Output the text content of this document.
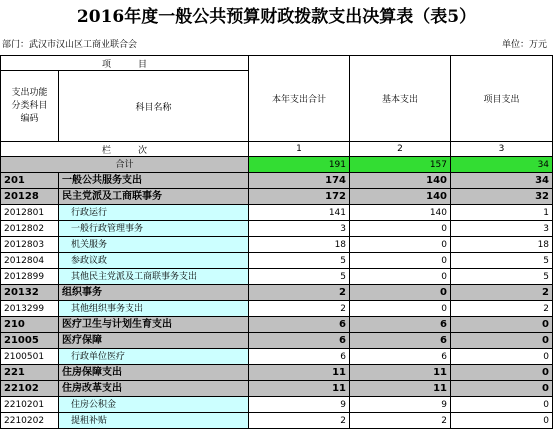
2016年度一般公共预算财政拨款支出决算表（表5）
部门：武汉市汉山区工商业联合会	单位：万元
项　　　目		本年支出合计	基本支出	项目支出

支出功能
分类科目
编码	科目名称			
栏　　　次		1	2	3
合计		191	157	34
201	一般公共服务支出	174	140	34
20128	民主党派及工商联事务	172	140	32
2012801	行政运行	141	140	1
2012802	一般行政管理事务	3	0	3
2012803	机关服务	18	0	18
2012804	参政议政	5	0	5
2012899	其他民主党派及工商联事务支出	5	0	5
20132	组织事务	2	0	2
2013299	其他组织事务支出	2	0	2
210	医疗卫生与计划生育支出	6	6	0
21005	医疗保障	6	6	0
2100501	行政单位医疗	6	6	0
221	住房保障支出	11	11	0
22102	住房改革支出	11	11	0
2210201	住房公积金	9	9	0
2210202	提租补贴	2	2	0
